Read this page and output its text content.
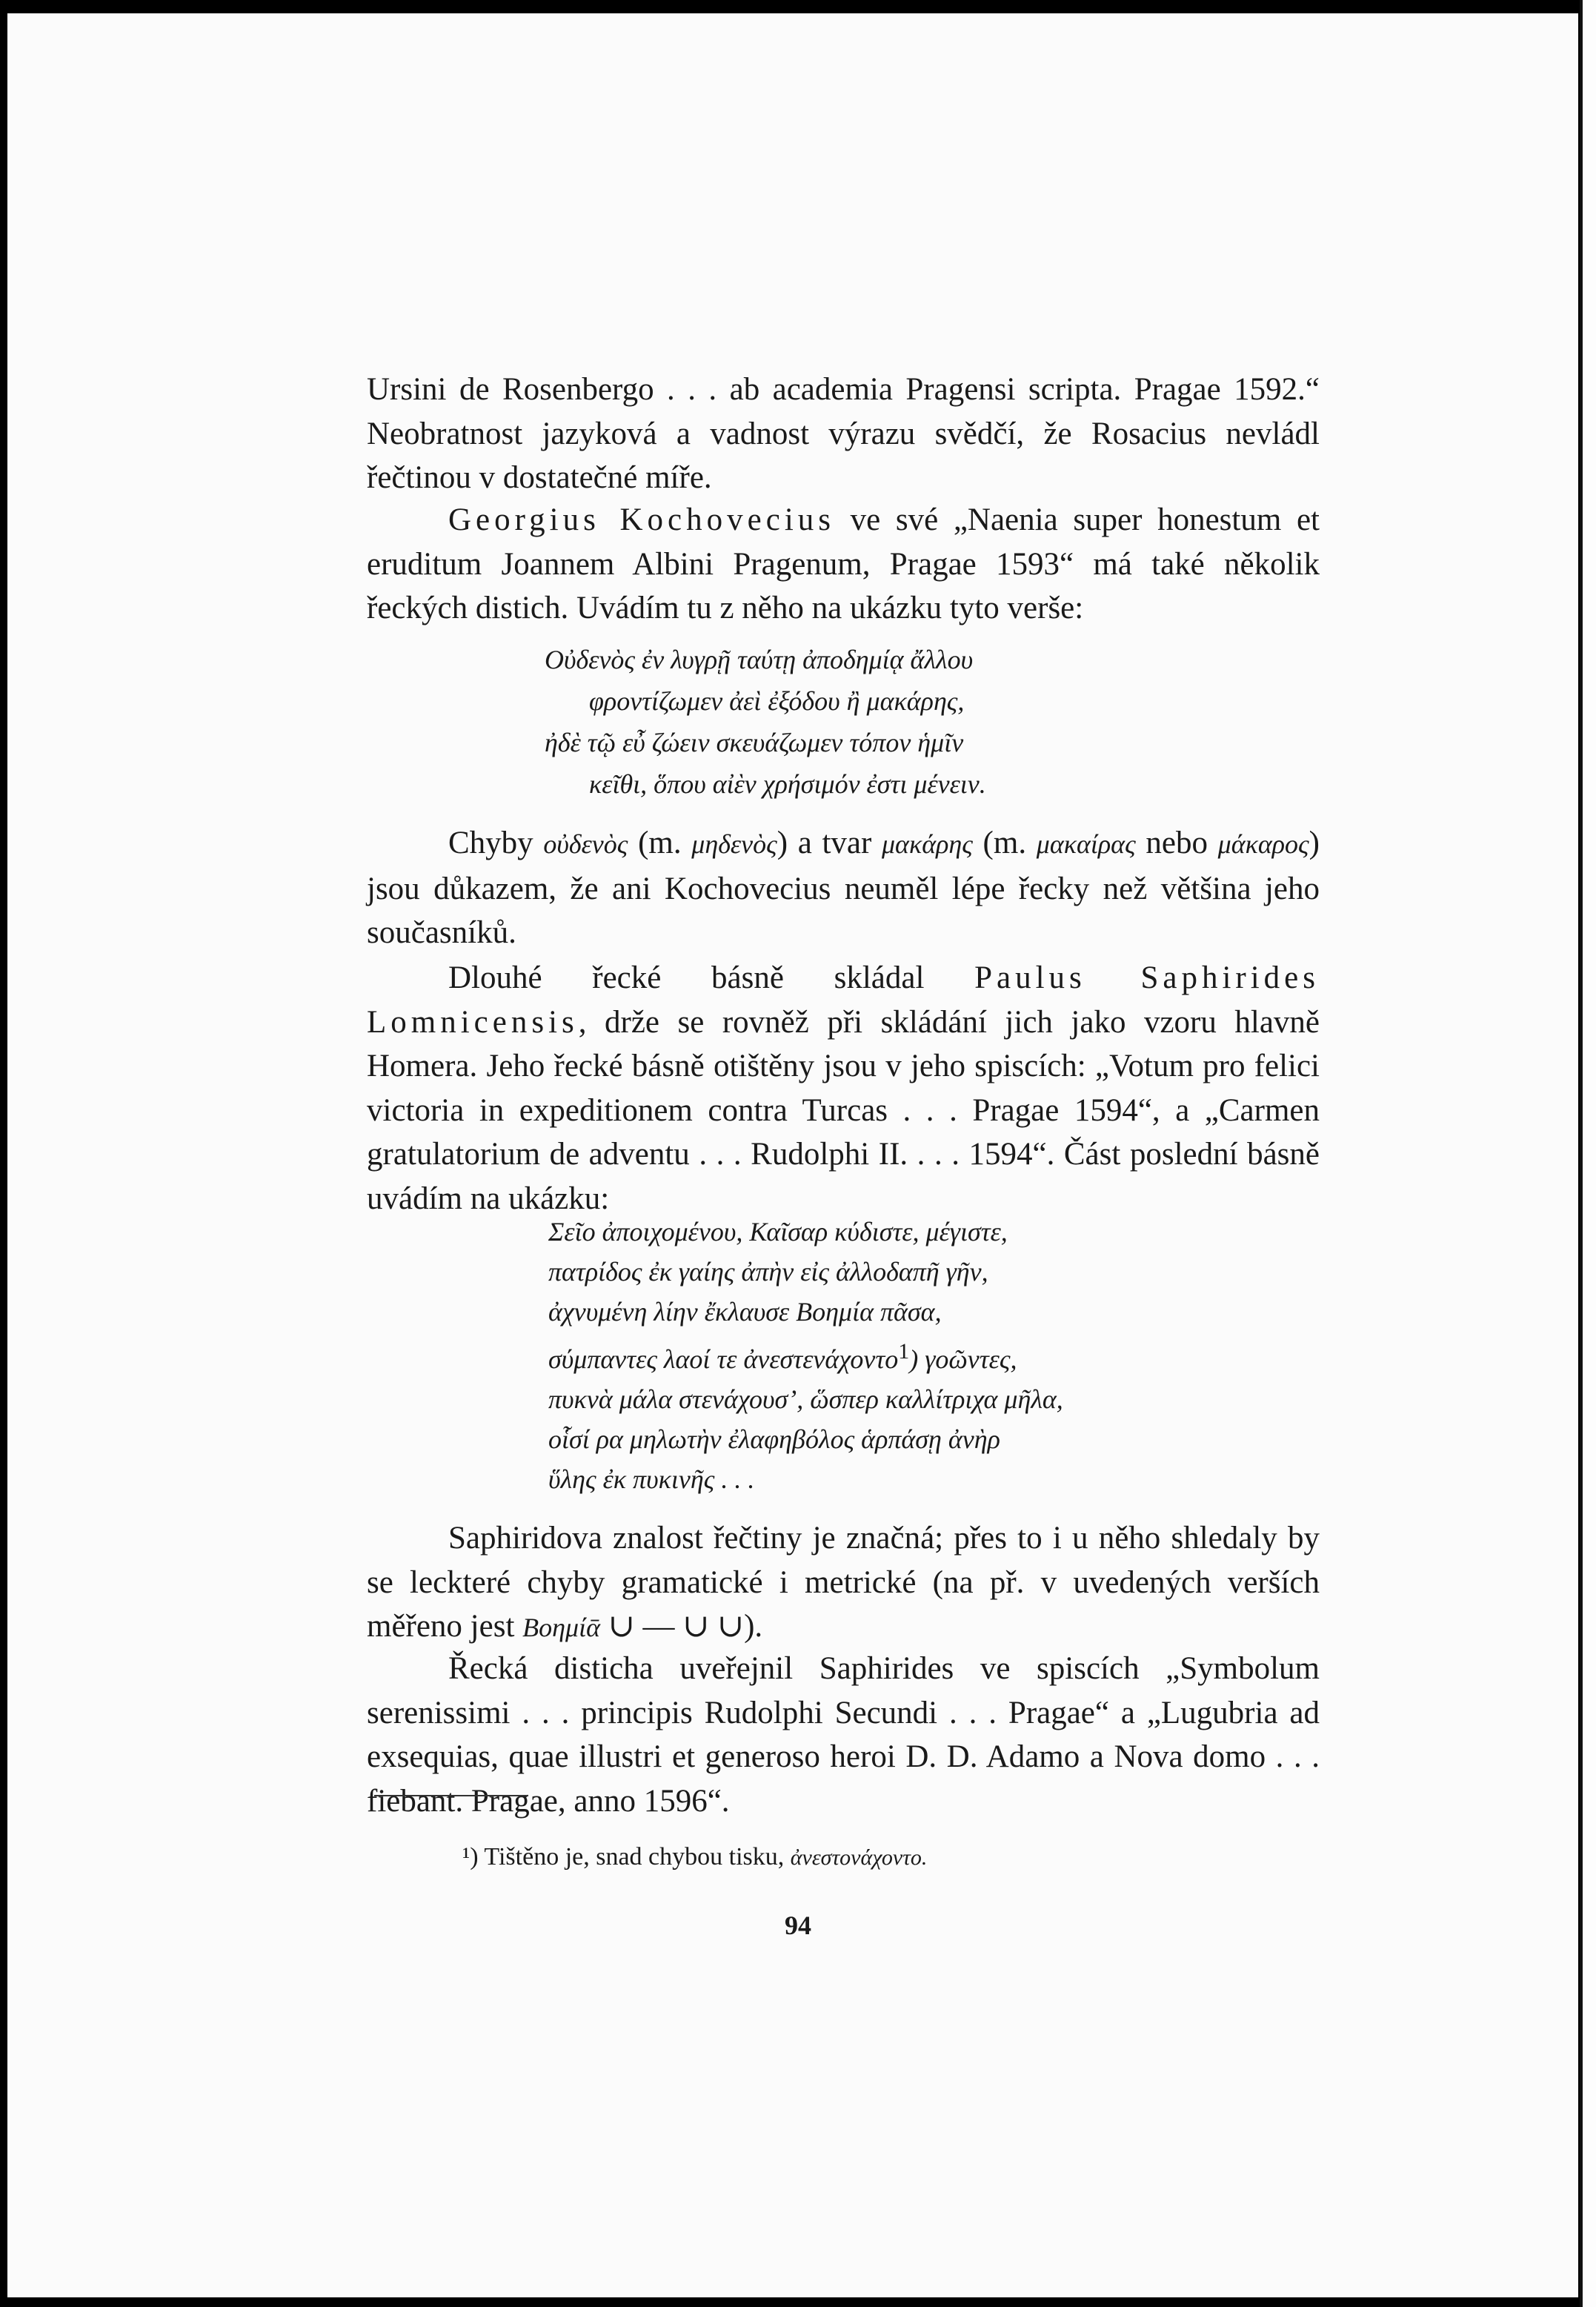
Ursini de Rosenbergo . . . ab academia Pragensi scripta. Pragae 1592.“ Neobratnost jazyková a vadnost výrazu svědčí, že Rosacius nevládl řečtinou v dostatečné míře.

Georgius Kochovecius ve své „Naenia super honestum et eruditum Joannem Albini Pragenum, Pragae 1593“ má také několik řeckých distich. Uvádím tu z něho na ukázku tyto verše:

Οὐδενὸς ἐν λυγρῇ ταύτῃ ἀποδημίᾳ ἄλλου
φροντίζωμεν ἀεὶ ἐξόδου ἢ μακάρης,
ἠδὲ τῷ εὖ ζώειν σκευάζωμεν τόπον ἡμῖν
κεῖθι, ὅπου αἰὲν χρήσιμόν ἐστι μένειν.

Chyby οὐδενὸς (m. μηδενὸς) a tvar μακάρης (m. μακαίρας nebo μάκαρος) jsou důkazem, že ani Kochovecius neuměl lépe řecky než většina jeho současníků.

Dlouhé řecké básně skládal Paulus Saphirides Lomnicensis, drže se rovněž při skládání jich jako vzoru hlavně Homera. Jeho řecké básně otištěny jsou v jeho spiscích: „Votum pro felici victoria in expeditionem contra Turcas . . . Pragae 1594“, a „Carmen gratulatorium de adventu . . . Rudolphi II. . . . 1594“. Část poslední básně uvádím na ukázku:

Σεῖο ἀποιχομένου, Καῖσαρ κύδιστε, μέγιστε,
πατρίδος ἐκ γαίης ἀπὴν εἰς ἀλλοδαπῆ γῆν,
ἀχνυμένη λίην ἔκλαυσε Βοημία πᾶσα,
σύμπαντες λαοί τε ἀνεστενάχοντο$^1$) γοῶντες,
πυκνὰ μάλα στενάχουσ’, ὥσπερ καλλίτριχα μῆλα,
οἷσί ρα μηλωτὴν ἐλαφηβόλος ἁρπάσῃ ἀνὴρ
ὕλης ἐκ πυκινῆς . . .

Saphiridova znalost řečtiny je značná; přes to i u něho shledaly by se leckteré chyby gramatické i metrické (na př. v uvedených verších měřeno jest Βοημίᾱ ∪ — ∪ ∪).

Řecká disticha uveřejnil Saphirides ve spiscích „Symbolum serenissimi . . . principis Rudolphi Secundi . . . Pragae“ a „Lugubria ad exsequias, quae illustri et generoso heroi D. D. Adamo a Nova domo . . . fiebant. Pragae, anno 1596“.

¹) Tištěno je, snad chybou tisku, ἀνεστονάχοντο.
94
